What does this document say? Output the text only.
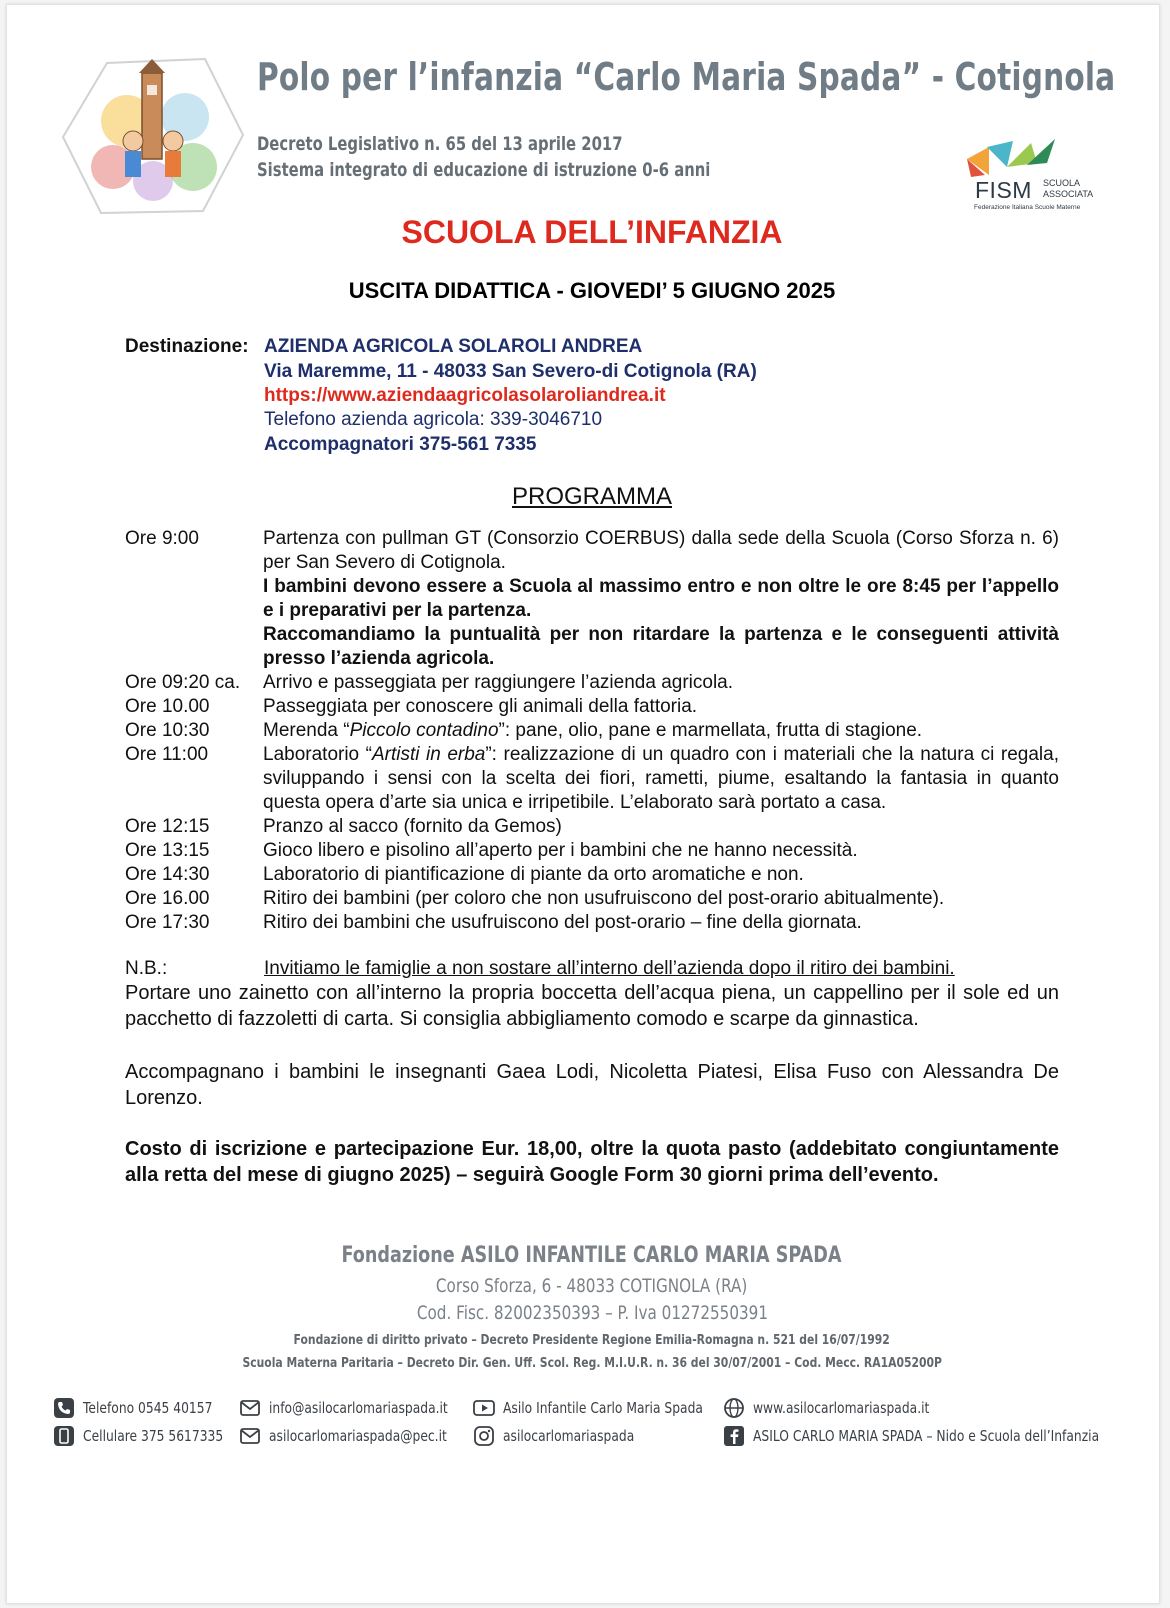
Polo per l’infanzia “Carlo Maria Spada” - Cotignola
Decreto Legislativo n. 65 del 13 aprile 2017
Sistema integrato di educazione di istruzione 0-6 anni
FISM SCUOLA
ASSOCIATA
Federazione Italiana Scuole Materne
SCUOLA DELL’INFANZIA
USCITA DIDATTICA - GIOVEDI’ 5 GIUGNO 2025
Destinazione: AZIENDA AGRICOLA SOLAROLI ANDREA
Via Maremme, 11 - 48033 San Severo-di Cotignola (RA)
https://www.aziendaagricolasolaroliandrea.it
Telefono azienda agricola: 339-3046710
Accompagnatori 375-561 7335
PROGRAMMA
Ore 9:00	Partenza con pullman GT (Consorzio COERBUS) dalla sede della Scuola (Corso Sforza n. 6) per San Severo di Cotignola.

I bambini devono essere a Scuola al massimo entro e non oltre le ore 8:45 per l’appello e i preparativi per la partenza.

Raccomandiamo la puntualità per non ritardare la partenza e le conseguenti attività presso l’azienda agricola.

Ore 09:20 ca.	Arrivo e passeggiata per raggiungere l’azienda agricola.
Ore 10.00	Passeggiata per conoscere gli animali della fattoria.
Ore 10:30	Merenda “Piccolo contadino”: pane, olio, pane e marmellata, frutta di stagione.
Ore 11:00	Laboratorio “Artisti in erba”: realizzazione di un quadro con i materiali che la natura ci regala, sviluppando i sensi con la scelta dei fiori, rametti, piume, esaltando la fantasia in quanto questa opera d’arte sia unica e irripetibile. L’elaborato sarà portato a casa.
Ore 12:15	Pranzo al sacco (fornito da Gemos)
Ore 13:15	Gioco libero e pisolino all’aperto per i bambini che ne hanno necessità.
Ore 14:30	Laboratorio di piantificazione di piante da orto aromatiche e non.
Ore 16.00	Ritiro dei bambini (per coloro che non usufruiscono del post-orario abitualmente).
Ore 17:30	Ritiro dei bambini che usufruiscono del post-orario – fine della giornata.
N.B.:	Invitiamo le famiglie a non sostare all’interno dell’azienda dopo il ritiro dei bambini.
Portare uno zainetto con all’interno la propria boccetta dell’acqua piena, un cappellino per il sole ed un pacchetto di fazzoletti di carta. Si consiglia abbigliamento comodo e scarpe da ginnastica.
Accompagnano i bambini le insegnanti Gaea Lodi, Nicoletta Piatesi, Elisa Fuso con Alessandra De Lorenzo.
Costo di iscrizione e partecipazione Eur. 18,00, oltre la quota pasto (addebitato congiuntamente alla retta del mese di giugno 2025) – seguirà Google Form 30 giorni prima dell’evento.
Fondazione ASILO INFANTILE CARLO MARIA SPADA
Corso Sforza, 6 - 48033 COTIGNOLA (RA)
Cod. Fisc. 82002350393 – P. Iva 01272550391
Fondazione di diritto privato – Decreto Presidente Regione Emilia-Romagna n. 521 del 16/07/1992
Scuola Materna Paritaria – Decreto Dir. Gen. Uff. Scol. Reg. M.I.U.R. n. 36 del 30/07/2001 – Cod. Mecc. RA1A05200P
Telefono 0545 40157
Cellulare 375 5617335
info@asilocarlomariaspada.it
asilocarlomariaspada@pec.it
Asilo Infantile Carlo Maria Spada
asilocarlomariaspada
www.asilocarlomariaspada.it
ASILO CARLO MARIA SPADA – Nido e Scuola dell’Infanzia
